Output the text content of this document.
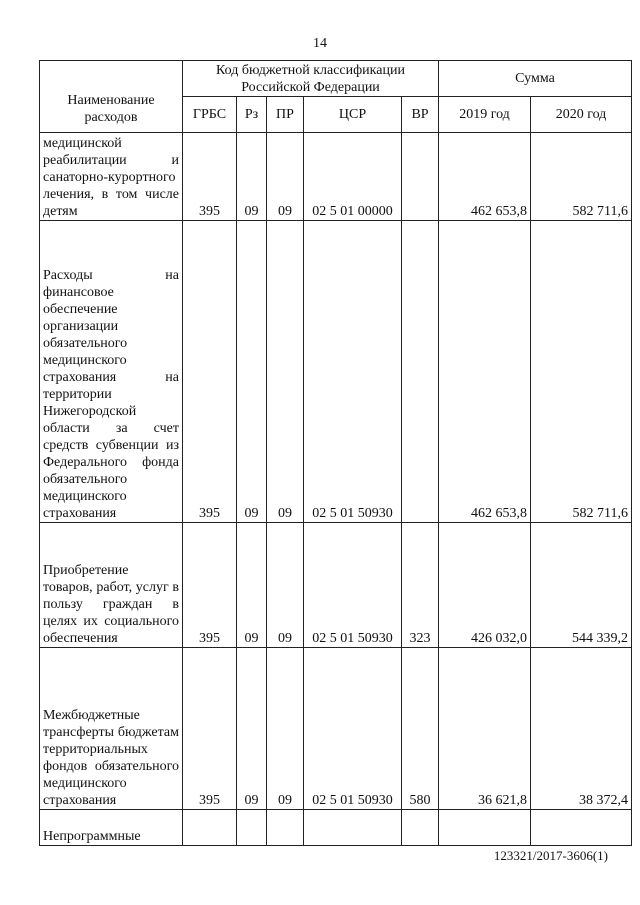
14
Наименование расходов	Код бюджетной классификации Российской Федерации					Сумма	
	ГРБС	Рз	ПР	ЦСР	ВР	2019 год	2020 год
медицинской реабилитации и санаторно-курортного лечения, в том числе детям	395	09	09	02 5 01 00000		462 653,8	582 711,6
Расходы на финансовое обеспечение организации обязательного медицинского страхования на территории Нижегородской области за счет средств субвенции из Федерального фонда обязательного медицинского страхования	395	09	09	02 5 01 50930		462 653,8	582 711,6
Приобретение товаров, работ, услуг в пользу граждан в целях их социального обеспечения	395	09	09	02 5 01 50930	323	426 032,0	544 339,2
Межбюджетные трансферты бюджетам территориальных фондов обязательного медицинского страхования	395	09	09	02 5 01 50930	580	36 621,8	38 372,4
Непрограммные							
123321/2017-3606(1)
